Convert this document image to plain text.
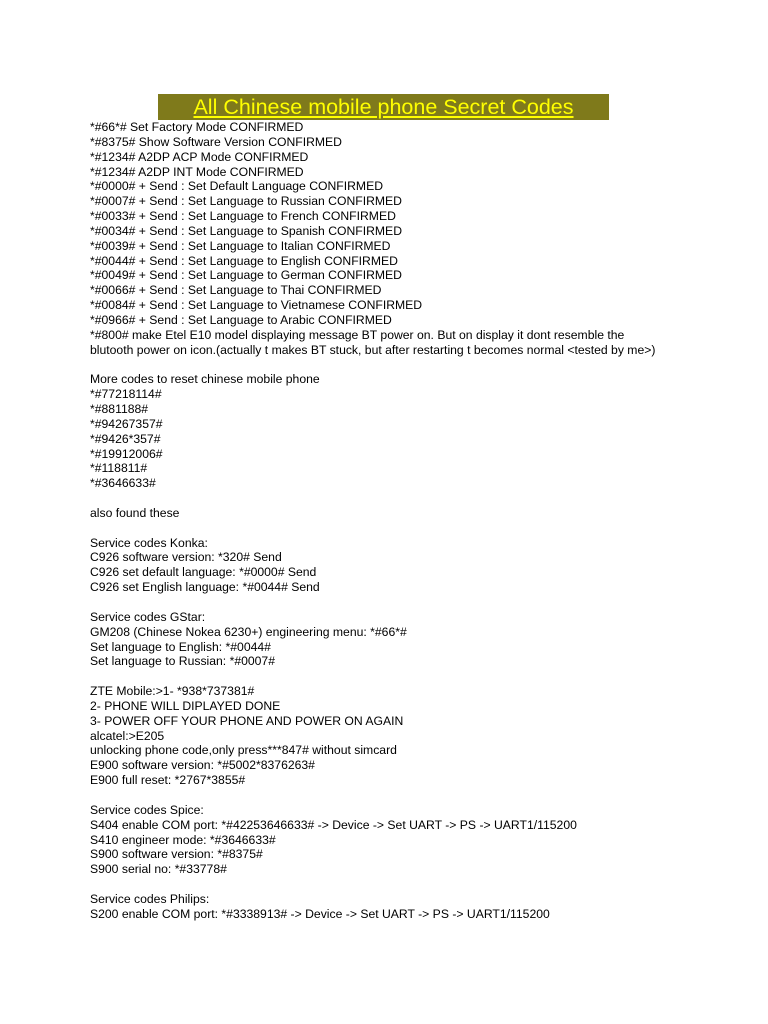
All Chinese mobile phone Secret Codes
*#66*# Set Factory Mode CONFIRMED
*#8375# Show Software Version CONFIRMED
*#1234# A2DP ACP Mode CONFIRMED
*#1234# A2DP INT Mode CONFIRMED
*#0000# + Send : Set Default Language CONFIRMED
*#0007# + Send : Set Language to Russian CONFIRMED
*#0033# + Send : Set Language to French CONFIRMED
*#0034# + Send : Set Language to Spanish CONFIRMED
*#0039# + Send : Set Language to Italian CONFIRMED
*#0044# + Send : Set Language to English CONFIRMED
*#0049# + Send : Set Language to German CONFIRMED
*#0066# + Send : Set Language to Thai CONFIRMED
*#0084# + Send : Set Language to Vietnamese CONFIRMED
*#0966# + Send : Set Language to Arabic CONFIRMED
*#800# make Etel E10 model displaying message BT power on. But on display it dont resemble the
blutooth power on icon.(actually t makes BT stuck, but after restarting t becomes normal <tested by me>)
More codes to reset chinese mobile phone
*#77218114#
*#881188#
*#94267357#
*#9426*357#
*#19912006#
*#118811#
*#3646633#
also found these
Service codes Konka:
C926 software version: *320# Send
C926 set default language: *#0000# Send
C926 set English language: *#0044# Send
Service codes GStar:
GM208 (Chinese Nokea 6230+) engineering menu: *#66*#
Set language to English: *#0044#
Set language to Russian: *#0007#
ZTE Mobile:>1- *938*737381#
2- PHONE WILL DIPLAYED DONE
3- POWER OFF YOUR PHONE AND POWER ON AGAIN
alcatel:>E205
unlocking phone code,only press***847# without simcard
E900 software version: *#5002*8376263#
E900 full reset: *2767*3855#
Service codes Spice:
S404 enable COM port: *#42253646633# -> Device -> Set UART -> PS -> UART1/115200
S410 engineer mode: *#3646633#
S900 software version: *#8375#
S900 serial no: *#33778#
Service codes Philips:
S200 enable COM port: *#3338913# -> Device -> Set UART -> PS -> UART1/115200
